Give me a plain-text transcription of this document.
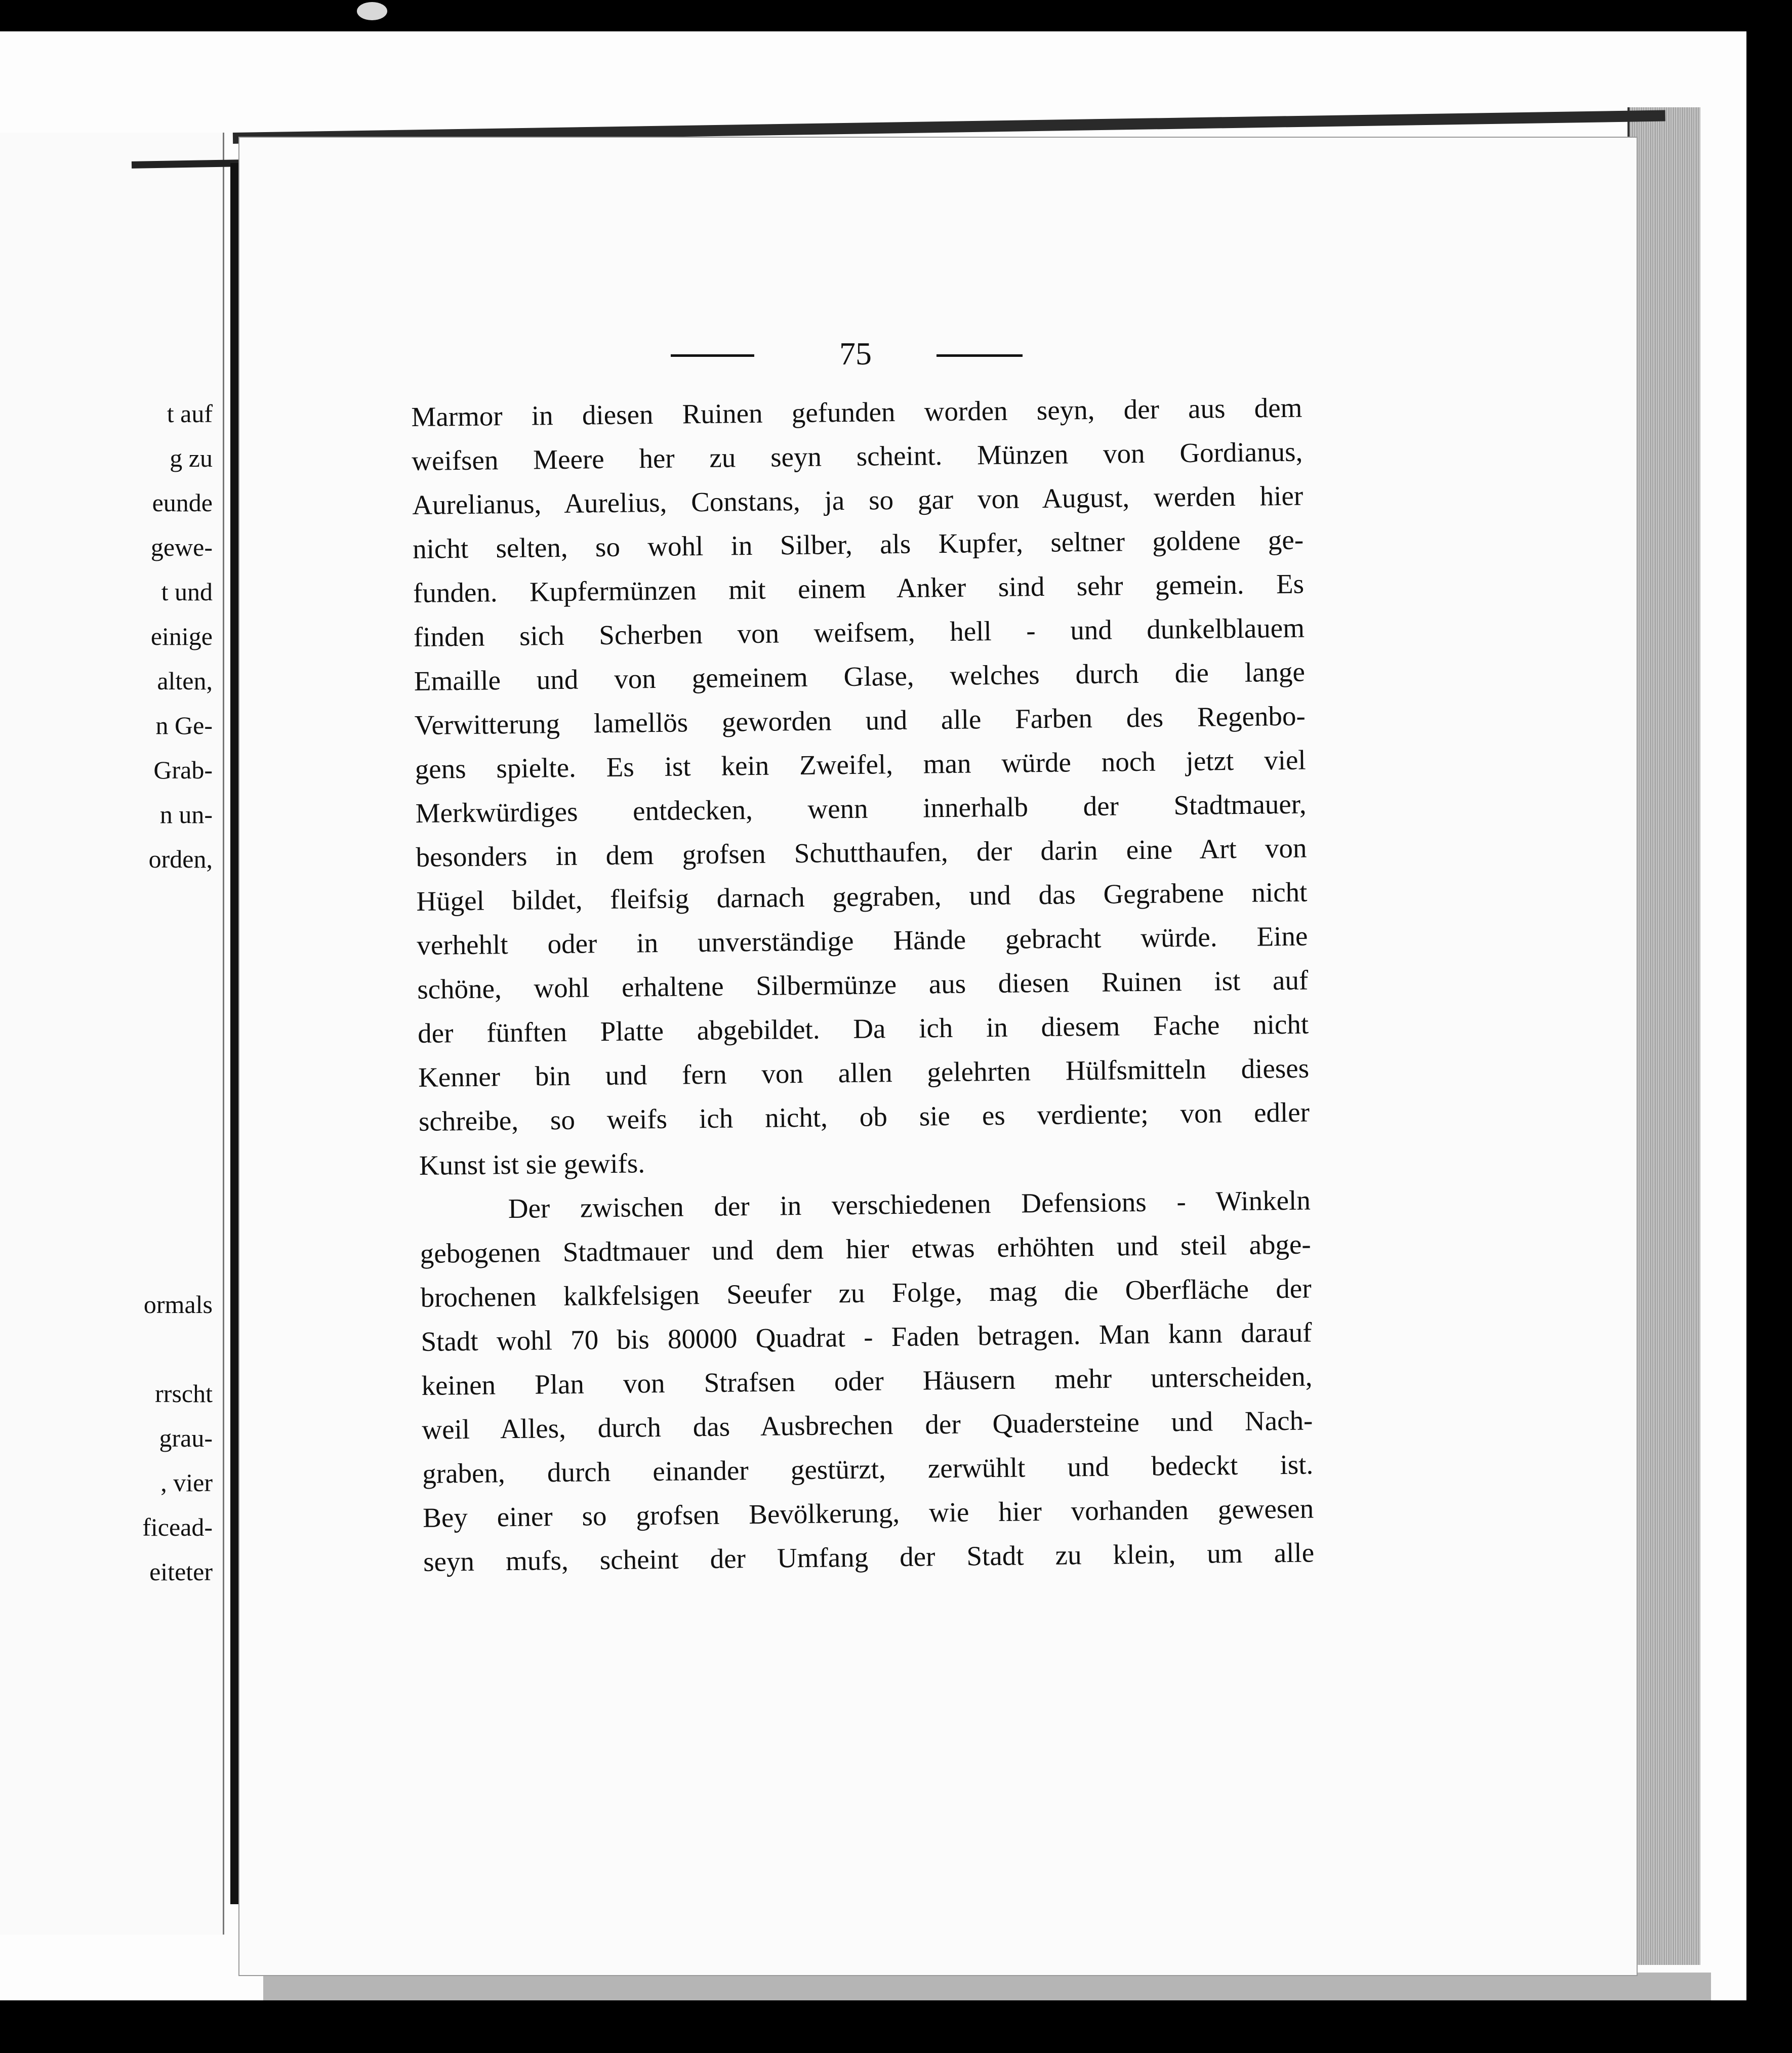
t auf
g zu
eunde
gewe-
t und
einige
alten,
n Ge-
Grab-
n un-
orden,
ormals
rrscht
grau-
, vier
ficead-
eiteter
75
Marmor in diesen Ruinen gefunden worden seyn, der aus dem
weifsen Meere her zu seyn scheint. Münzen von Gordianus,
Aurelianus, Aurelius, Constans, ja so gar von August, werden hier
nicht selten, so wohl in Silber, als Kupfer, seltner goldene ge-
funden. Kupfermünzen mit einem Anker sind sehr gemein. Es
finden sich Scherben von weifsem, hell - und dunkelblauem
Emaille und von gemeinem Glase, welches durch die lange
Verwitterung lamellös geworden und alle Farben des Regenbo-
gens spielte. Es ist kein Zweifel, man würde noch jetzt viel
Merkwürdiges entdecken, wenn innerhalb der Stadtmauer,
besonders in dem grofsen Schutthaufen, der darin eine Art von
Hügel bildet, fleifsig darnach gegraben, und das Gegrabene nicht
verhehlt oder in unverständige Hände gebracht würde. Eine
schöne, wohl erhaltene Silbermünze aus diesen Ruinen ist auf
der fünften Platte abgebildet. Da ich in diesem Fache nicht
Kenner bin und fern von allen gelehrten Hülfsmitteln dieses
schreibe, so weifs ich nicht, ob sie es verdiente; von edler
Kunst ist sie gewifs.
Der zwischen der in verschiedenen Defensions - Winkeln
gebogenen Stadtmauer und dem hier etwas erhöhten und steil abge-
brochenen kalkfelsigen Seeufer zu Folge, mag die Oberfläche der
Stadt wohl 70 bis 80000 Quadrat - Faden betragen. Man kann darauf
keinen Plan von Strafsen oder Häusern mehr unterscheiden,
weil Alles, durch das Ausbrechen der Quadersteine und Nach-
graben, durch einander gestürzt, zerwühlt und bedeckt ist.
Bey einer so grofsen Bevölkerung, wie hier vorhanden gewesen
seyn mufs, scheint der Umfang der Stadt zu klein, um alle
